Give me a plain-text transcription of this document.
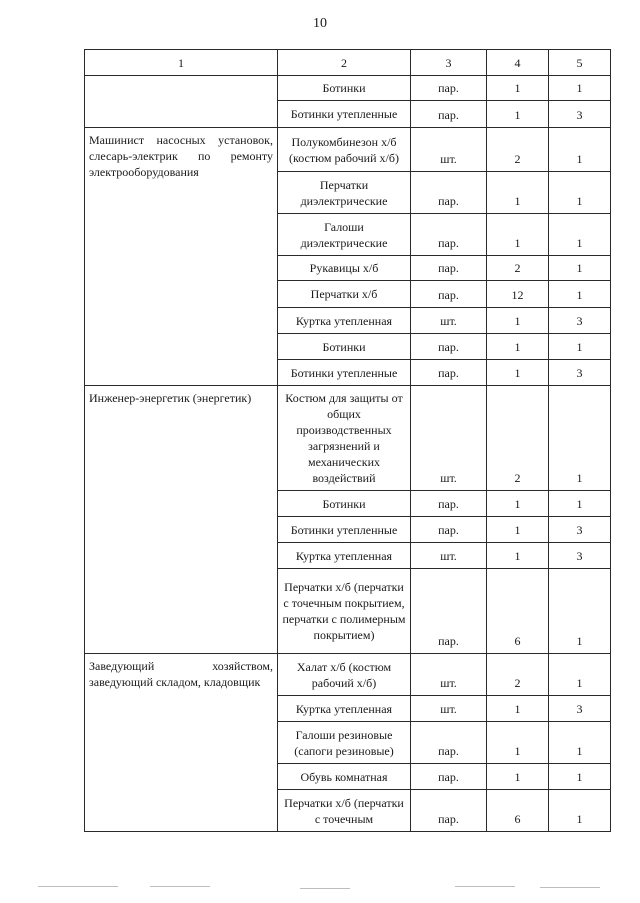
10
1	2	3	4	5
	Ботинки	пар.	1	1
	Ботинки утепленные	пар.	1	3
Машинист насосных установок, слесарь-электрик по ремонту электрооборудования	Полукомбинезон х/б (костюм рабочий х/б)	шт.	2	1
	Перчатки диэлектрические	пар.	1	1
	Галоши диэлектрические	пар.	1	1
	Рукавицы х/б	пар.	2	1
	Перчатки х/б	пар.	12	1
	Куртка утепленная	шт.	1	3
	Ботинки	пар.	1	1
	Ботинки утепленные	пар.	1	3
Инженер-энергетик (энергетик)	Костюм для защиты от общих производственных загрязнений и механических воздействий	шт.	2	1
	Ботинки	пар.	1	1
	Ботинки утепленные	пар.	1	3
	Куртка утепленная	шт.	1	3
	Перчатки х/б (перчатки с точечным покрытием, перчатки с полимерным покрытием)	пар.	6	1
Заведующий хозяйством, заведующий складом, кладовщик	Халат х/б (костюм рабочий х/б)	шт.	2	1
	Куртка утепленная	шт.	1	3
	Галоши резиновые (сапоги резиновые)	пар.	1	1
	Обувь комнатная	пар.	1	1
	Перчатки х/б (перчатки с точечным	пар.	6	1
